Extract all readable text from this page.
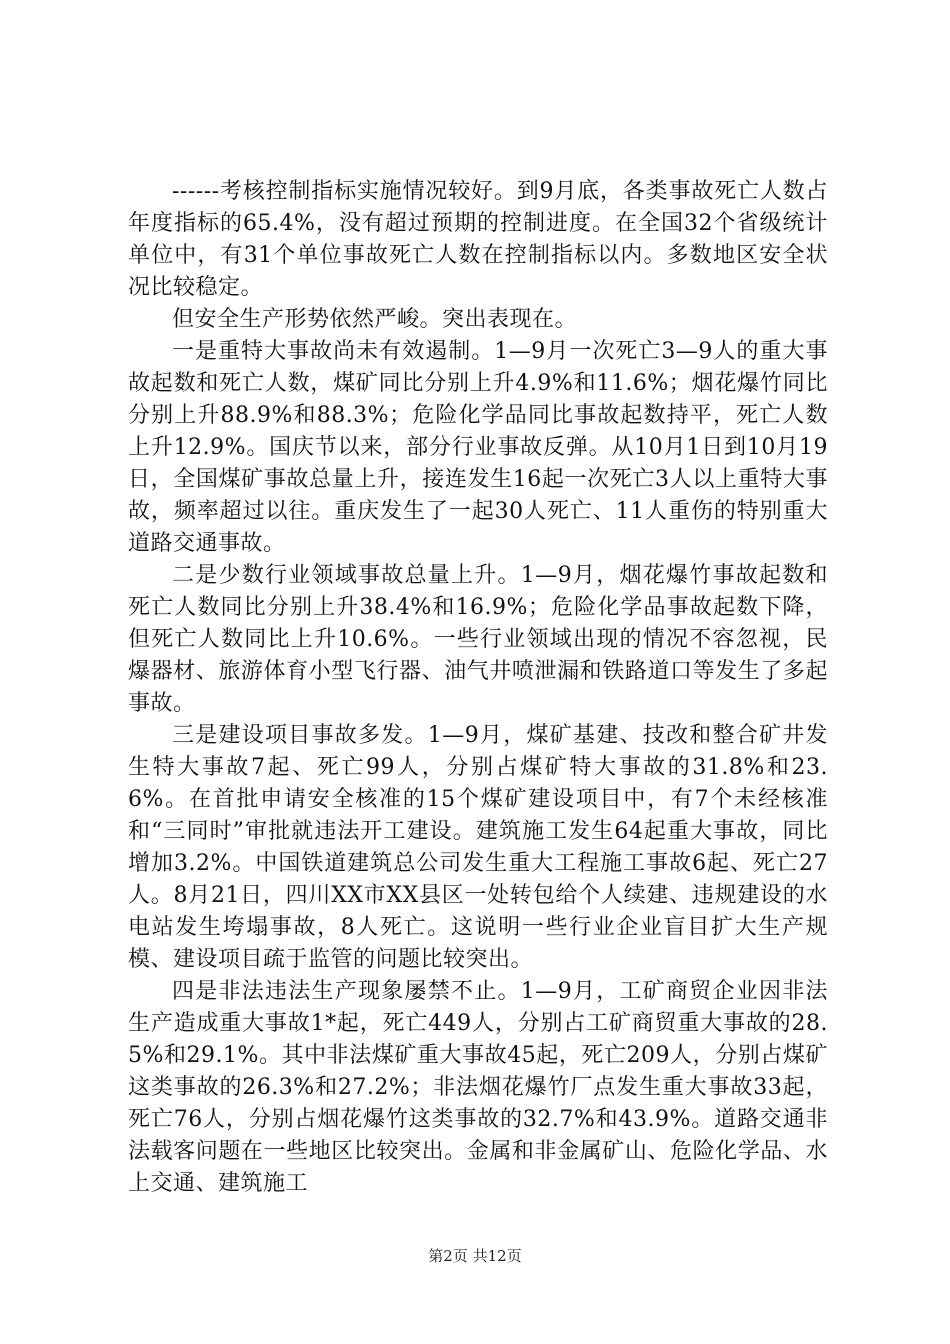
------考核控制指标实施情况较好。到9月底，各类事故死亡人数占年度指标的65.4%，没有超过预期的控制进度。在全国32个省级统计单位中，有31个单位事故死亡人数在控制指标以内。多数地区安全状况比较稳定。

但安全生产形势依然严峻。突出表现在。

一是重特大事故尚未有效遏制。1—9月一次死亡3—9人的重大事故起数和死亡人数，煤矿同比分别上升4.9%和11.6%；烟花爆竹同比分别上升88.9%和88.3%；危险化学品同比事故起数持平，死亡人数上升12.9%。国庆节以来，部分行业事故反弹。从10月1日到10月19日，全国煤矿事故总量上升，接连发生16起一次死亡3人以上重特大事故，频率超过以往。重庆发生了一起30人死亡、11人重伤的特别重大道路交通事故。

二是少数行业领域事故总量上升。1—9月，烟花爆竹事故起数和死亡人数同比分别上升38.4%和16.9%；危险化学品事故起数下降，但死亡人数同比上升10.6%。一些行业领域出现的情况不容忽视，民爆器材、旅游体育小型飞行器、油气井喷泄漏和铁路道口等发生了多起事故。

三是建设项目事故多发。1—9月，煤矿基建、技改和整合矿井发生特大事故7起、死亡99人，分别占煤矿特大事故的31.8%和23.6%。在首批申请安全核准的15个煤矿建设项目中，有7个未经核准和“三同时”审批就违法开工建设。建筑施工发生64起重大事故，同比增加3.2%。中国铁道建筑总公司发生重大工程施工事故6起、死亡27人。8月21日，四川XX市XX县区一处转包给个人续建、违规建设的水电站发生垮塌事故，8人死亡。这说明一些行业企业盲目扩大生产规模、建设项目疏于监管的问题比较突出。

四是非法违法生产现象屡禁不止。1—9月，工矿商贸企业因非法生产造成重大事故1*起，死亡449人，分别占工矿商贸重大事故的28.5%和29.1%。其中非法煤矿重大事故45起，死亡209人，分别占煤矿这类事故的26.3%和27.2%；非法烟花爆竹厂点发生重大事故33起，死亡76人，分别占烟花爆竹这类事故的32.7%和43.9%。道路交通非法载客问题在一些地区比较突出。金属和非金属矿山、危险化学品、水上交通、建筑施工

第2页 共12页
